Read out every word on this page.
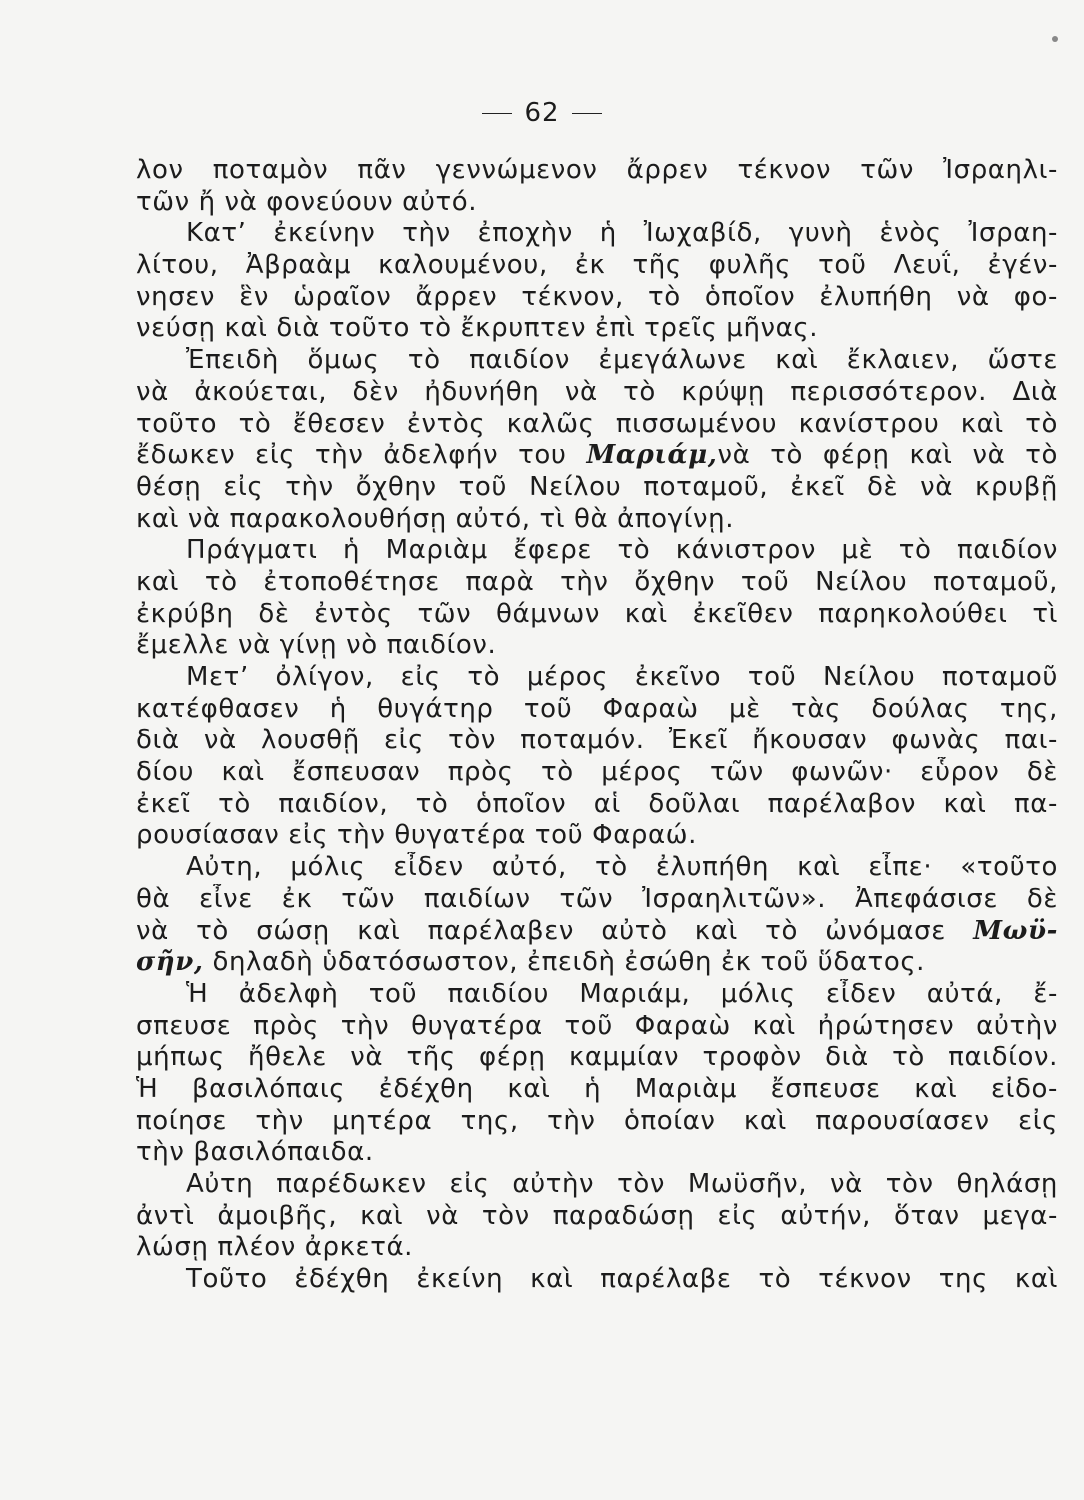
62
λον ποταμὸν πᾶν γεννώμενον ἄρρεν τέκνον τῶν Ἰσραηλι-
τῶν ἤ νὰ φονεύουν αὐτό.
Κατ’ ἐκείνην τὴν ἐποχὴν ἡ Ἰωχαβίδ, γυνὴ ἑνὸς Ἰσραη-
λίτου, Ἀβραὰμ καλουμένου, ἐκ τῆς φυλῆς τοῦ Λευΐ, ἐγέν-
νησεν ἓν ὡραῖον ἄρρεν τέκνον, τὸ ὁποῖον ἐλυπήθη νὰ φο-
νεύσῃ καὶ διὰ τοῦτο τὸ ἔκρυπτεν ἐπὶ τρεῖς μῆνας.
Ἐπειδὴ ὅμως τὸ παιδίον ἐμεγάλωνε καὶ ἔκλαιεν, ὥστε
νὰ ἀκούεται, δὲν ἠδυνήθη νὰ τὸ κρύψῃ περισσότερον. Διὰ
τοῦτο τὸ ἔθεσεν ἐντὸς καλῶς πισσωμένου κανίστρου καὶ τὸ
ἔδωκεν εἰς τὴν ἀδελφήν του Μαριάμ,νὰ τὸ φέρῃ καὶ νὰ τὸ
θέσῃ εἰς τὴν ὄχθην τοῦ Νείλου ποταμοῦ, ἐκεῖ δὲ νὰ κρυβῇ
καὶ νὰ παρακολουθήσῃ αὐτό, τὶ θὰ ἀπογίνῃ.
Πράγματι ἡ Μαριὰμ ἔφερε τὸ κάνιστρον μὲ τὸ παιδίον
καὶ τὸ ἐτοποθέτησε παρὰ τὴν ὄχθην τοῦ Νείλου ποταμοῦ,
ἐκρύβη δὲ ἐντὸς τῶν θάμνων καὶ ἐκεῖθεν παρηκολούθει τὶ
ἔμελλε νὰ γίνῃ νὸ παιδίον.
Μετ’ ὀλίγον, εἰς τὸ μέρος ἐκεῖνο τοῦ Νείλου ποταμοῦ
κατέφθασεν ἡ θυγάτηρ τοῦ Φαραὼ μὲ τὰς δούλας της,
διὰ νὰ λουσθῇ εἰς τὸν ποταμόν. Ἐκεῖ ἤκουσαν φωνὰς παι-
δίου καὶ ἔσπευσαν πρὸς τὸ μέρος τῶν φωνῶν· εὗρον δὲ
ἐκεῖ τὸ παιδίον, τὸ ὁποῖον αἱ δοῦλαι παρέλαβον καὶ πα-
ρουσίασαν εἰς τὴν θυγατέρα τοῦ Φαραώ.
Αὐτη, μόλις εἶδεν αὐτό, τὸ ἐλυπήθη καὶ εἶπε· «τοῦτο
θὰ εἶνε ἐκ τῶν παιδίων τῶν Ἰσραηλιτῶν». Ἀπεφάσισε δὲ
νὰ τὸ σώσῃ καὶ παρέλαβεν αὐτὸ καὶ τὸ ὠνόμασε Μωϋ-
σῆν, δηλαδὴ ὑδατόσωστον, ἐπειδὴ ἐσώθη ἐκ τοῦ ὕδατος.
Ἡ ἀδελφὴ τοῦ παιδίου Μαριάμ, μόλις εἶδεν αὐτά, ἔ-
σπευσε πρὸς τὴν θυγατέρα τοῦ Φαραὼ καὶ ἠρώτησεν αὐτὴν
μήπως ἤθελε νὰ τῆς φέρῃ καμμίαν τροφὸν διὰ τὸ παιδίον.
Ἡ βασιλόπαις ἐδέχθη καὶ ἡ Μαριὰμ ἔσπευσε καὶ εἰδο-
ποίησε τὴν μητέρα της, τὴν ὁποίαν καὶ παρουσίασεν εἰς
τὴν βασιλόπαιδα.
Αὐτη παρέδωκεν εἰς αὐτὴν τὸν Μωϋσῆν, νὰ τὸν θηλάσῃ
ἀντὶ ἀμοιβῆς, καὶ νὰ τὸν παραδώσῃ εἰς αὐτήν, ὅταν μεγα-
λώσῃ πλέον ἀρκετά.
Τοῦτο ἐδέχθη ἐκείνη καὶ παρέλαβε τὸ τέκνον της καὶ
